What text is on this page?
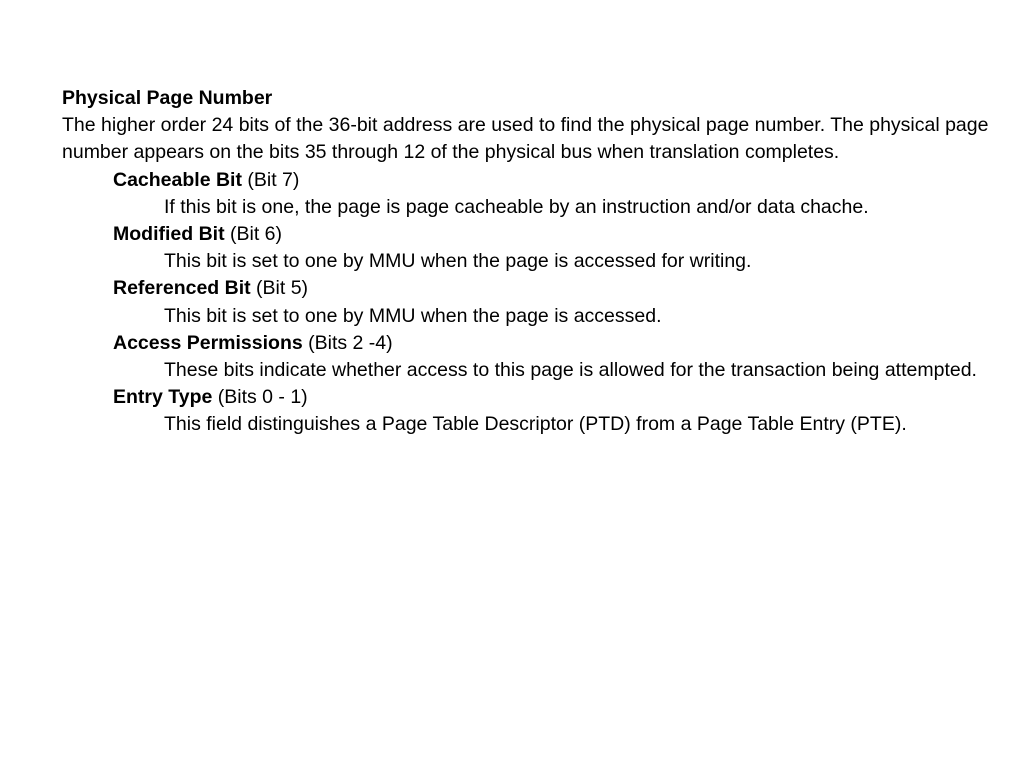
Physical Page Number

The higher order 24 bits of the 36-bit address are used to find the physical page number. The physical page number appears on the bits 35 through 12 of the physical bus when translation completes.

Cacheable Bit (Bit 7)
If this bit is one, the page is page cacheable by an instruction and/or data chache.
Modified Bit (Bit 6)
This bit is set to one by MMU when the page is accessed for writing.
Referenced Bit (Bit 5)
This bit is set to one by MMU when the page is accessed.
Access Permissions (Bits 2 -4)
These bits indicate whether access to this page is allowed for the transaction being attempted.
Entry Type (Bits 0 - 1)
This field distinguishes a Page Table Descriptor (PTD) from a Page Table Entry (PTE).
